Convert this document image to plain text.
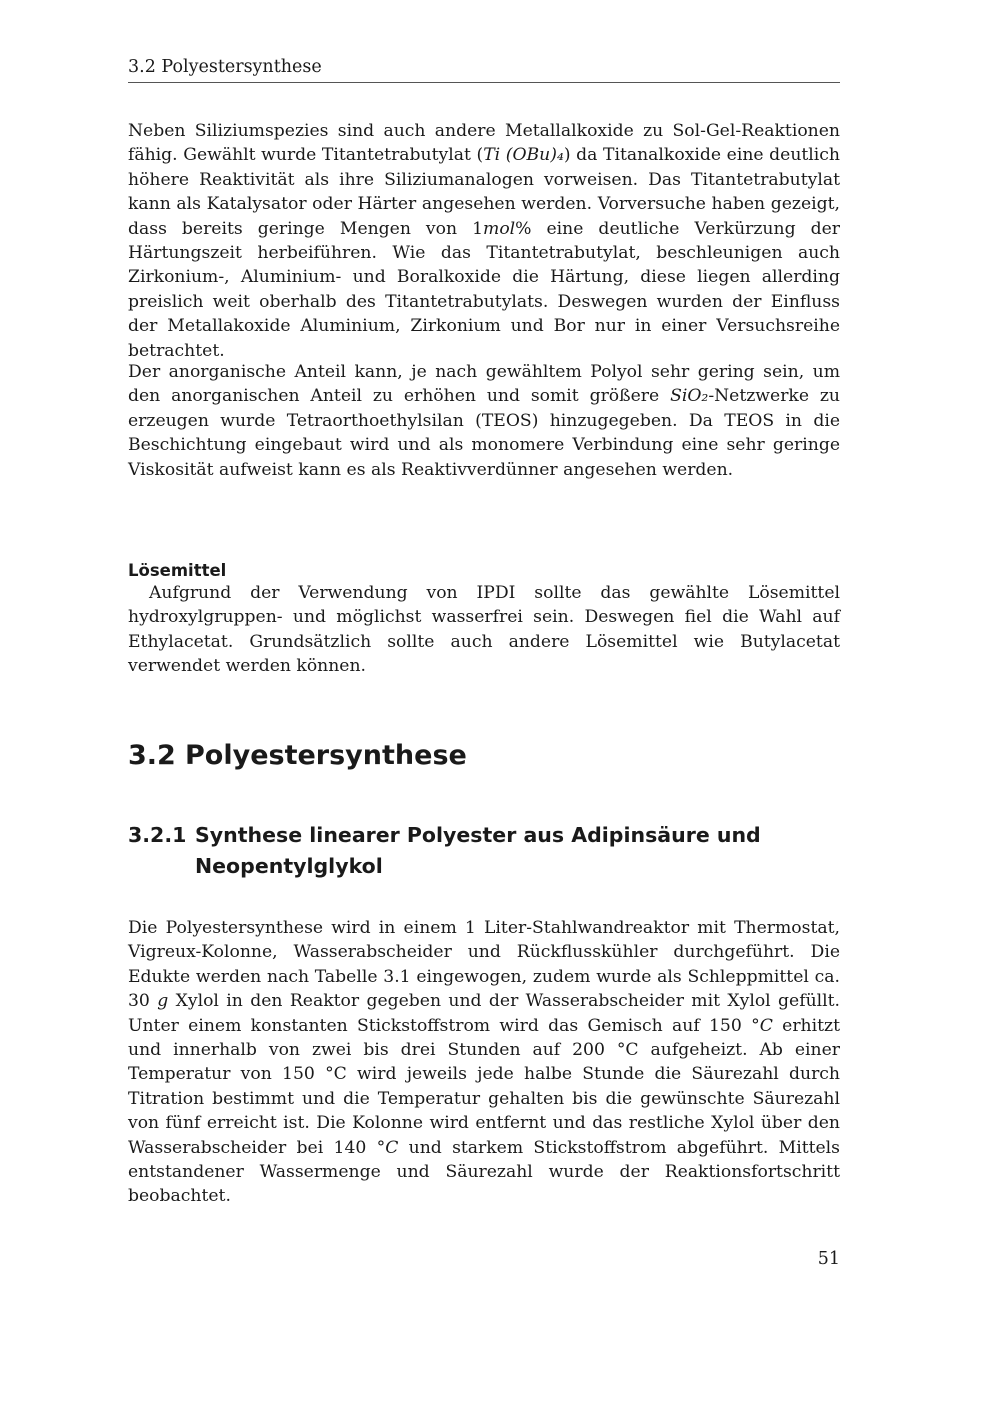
3.2 Polyestersynthese

Neben Siliziumspezies sind auch andere Metallalkoxide zu Sol-Gel-Reaktionen fähig. Gewählt wurde Titantetrabutylat (Ti (OBu)₄) da Titanalkoxide eine deutlich höhere Reaktivität als ihre Siliziumanalogen vorweisen. Das Titantetrabutylat kann als Katalysator oder Härter angesehen werden. Vorversuche haben gezeigt, dass bereits geringe Mengen von 1mol% eine deutliche Verkürzung der Härtungszeit herbeiführen. Wie das Titantetrabutylat, beschleunigen auch Zirkonium-, Aluminium- und Boralkoxide die Härtung, diese liegen allerding preislich weit oberhalb des Titantetrabutylats. Deswegen wurden der Einfluss der Metallakoxide Aluminium, Zirkonium und Bor nur in einer Versuchsreihe betrachtet.

Der anorganische Anteil kann, je nach gewähltem Polyol sehr gering sein, um den anorganischen Anteil zu erhöhen und somit größere SiO₂-Netzwerke zu erzeugen wurde Tetraorthoethylsilan (TEOS) hinzugegeben. Da TEOS in die Beschichtung eingebaut wird und als monomere Verbindung eine sehr geringe Viskosität aufweist kann es als Reaktivverdünner angesehen werden.

Lösemittel
Aufgrund der Verwendung von IPDI sollte das gewählte Lösemittel hydroxylgruppen- und möglichst wasserfrei sein. Deswegen fiel die Wahl auf Ethylacetat. Grundsätzlich sollte auch andere Lösemittel wie Butylacetat verwendet werden können.
3.2 Polyestersynthese
3.2.1 Synthese linearer Polyester aus Adipinsäure und Neopentylglykol

Die Polyestersynthese wird in einem 1 Liter-Stahlwandreaktor mit Thermostat, Vigreux-Kolonne, Wasserabscheider und Rückflusskühler durchgeführt. Die Edukte werden nach Tabelle 3.1 eingewogen, zudem wurde als Schleppmittel ca. 30 g Xylol in den Reaktor gegeben und der Wasserabscheider mit Xylol gefüllt. Unter einem konstanten Stickstoffstrom wird das Gemisch auf 150 °C erhitzt und innerhalb von zwei bis drei Stunden auf 200 °C aufgeheizt. Ab einer Temperatur von 150 °C wird jeweils jede halbe Stunde die Säurezahl durch Titration bestimmt und die Temperatur gehalten bis die gewünschte Säurezahl von fünf erreicht ist. Die Kolonne wird entfernt und das restliche Xylol über den Wasserabscheider bei 140 °C und starkem Stickstoffstrom abgeführt. Mittels entstandener Wassermenge und Säurezahl wurde der Reaktionsfortschritt beobachtet.

51
